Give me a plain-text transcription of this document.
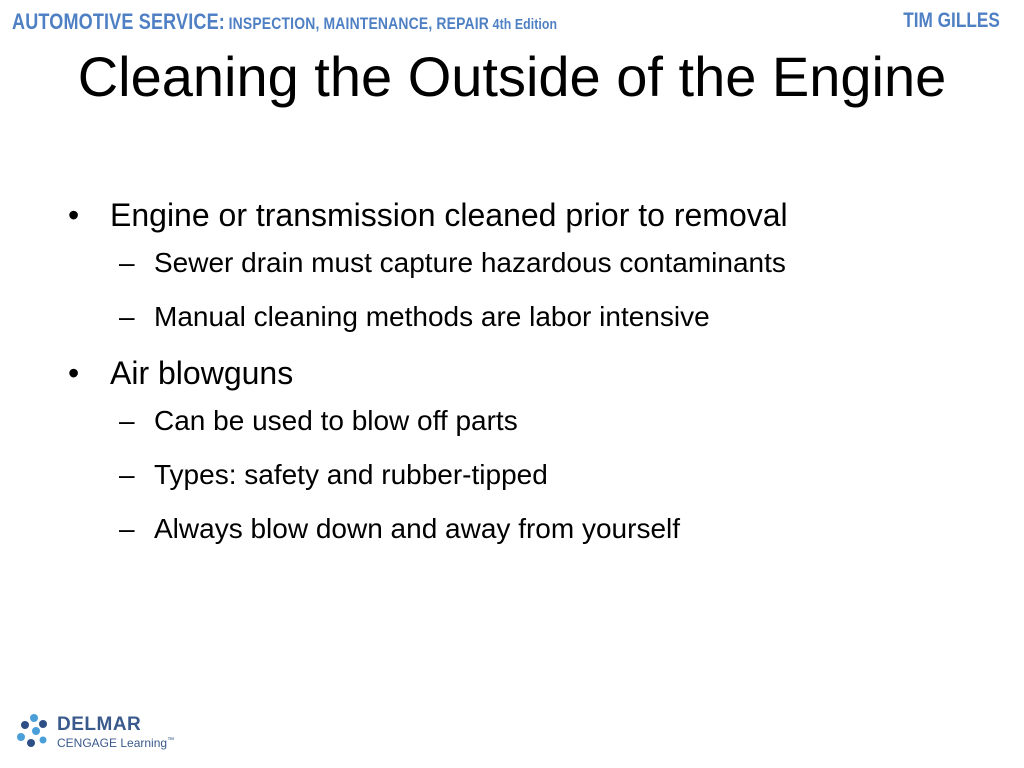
AUTOMOTIVE SERVICE: INSPECTION, MAINTENANCE, REPAIR 4th Edition	TIM GILLES
Cleaning the Outside of the Engine
• Engine or transmission cleaned prior to removal
– Sewer drain must capture hazardous contaminants
– Manual cleaning methods are labor intensive
• Air blowguns
– Can be used to blow off parts
– Types: safety and rubber-tipped
– Always blow down and away from yourself
DELMAR
CENGAGE Learning™
